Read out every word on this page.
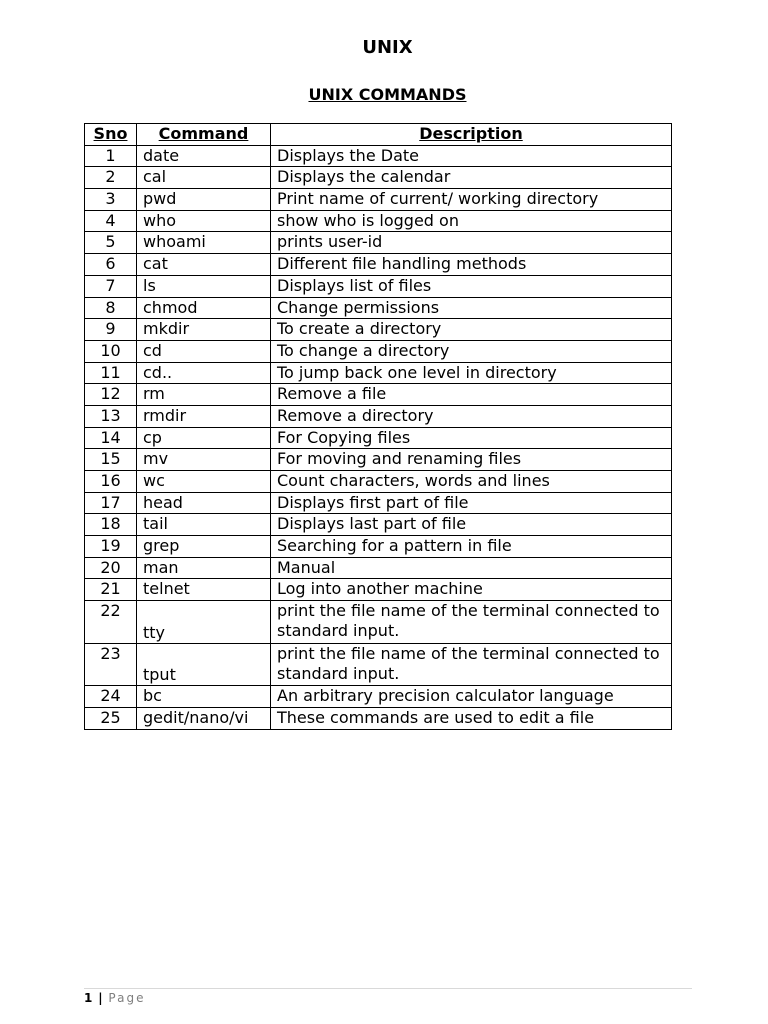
UNIX
UNIX COMMANDS
Sno	Command	Description
1	date	Displays the Date
2	cal	Displays the calendar
3	pwd	Print name of current/ working directory
4	who	show who is logged on
5	whoami	prints user-id
6	cat	Different file handling methods
7	ls	Displays list of files
8	chmod	Change permissions
9	mkdir	To create a directory
10	cd	To change a directory
11	cd..	To jump back one level in directory
12	rm	Remove a file
13	rmdir	Remove a directory
14	cp	For Copying files
15	mv	For moving and renaming files
16	wc	Count characters, words and lines
17	head	Displays first part of file
18	tail	Displays last part of file
19	grep	Searching for a pattern in file
20	man	Manual
21	telnet	Log into another machine
22	tty	print the file name of the terminal connected to standard input.
23	tput	print the file name of the terminal connected to standard input.
24	bc	An arbitrary precision calculator language
25	gedit/nano/vi	These commands are used to edit a file
1 | Page
